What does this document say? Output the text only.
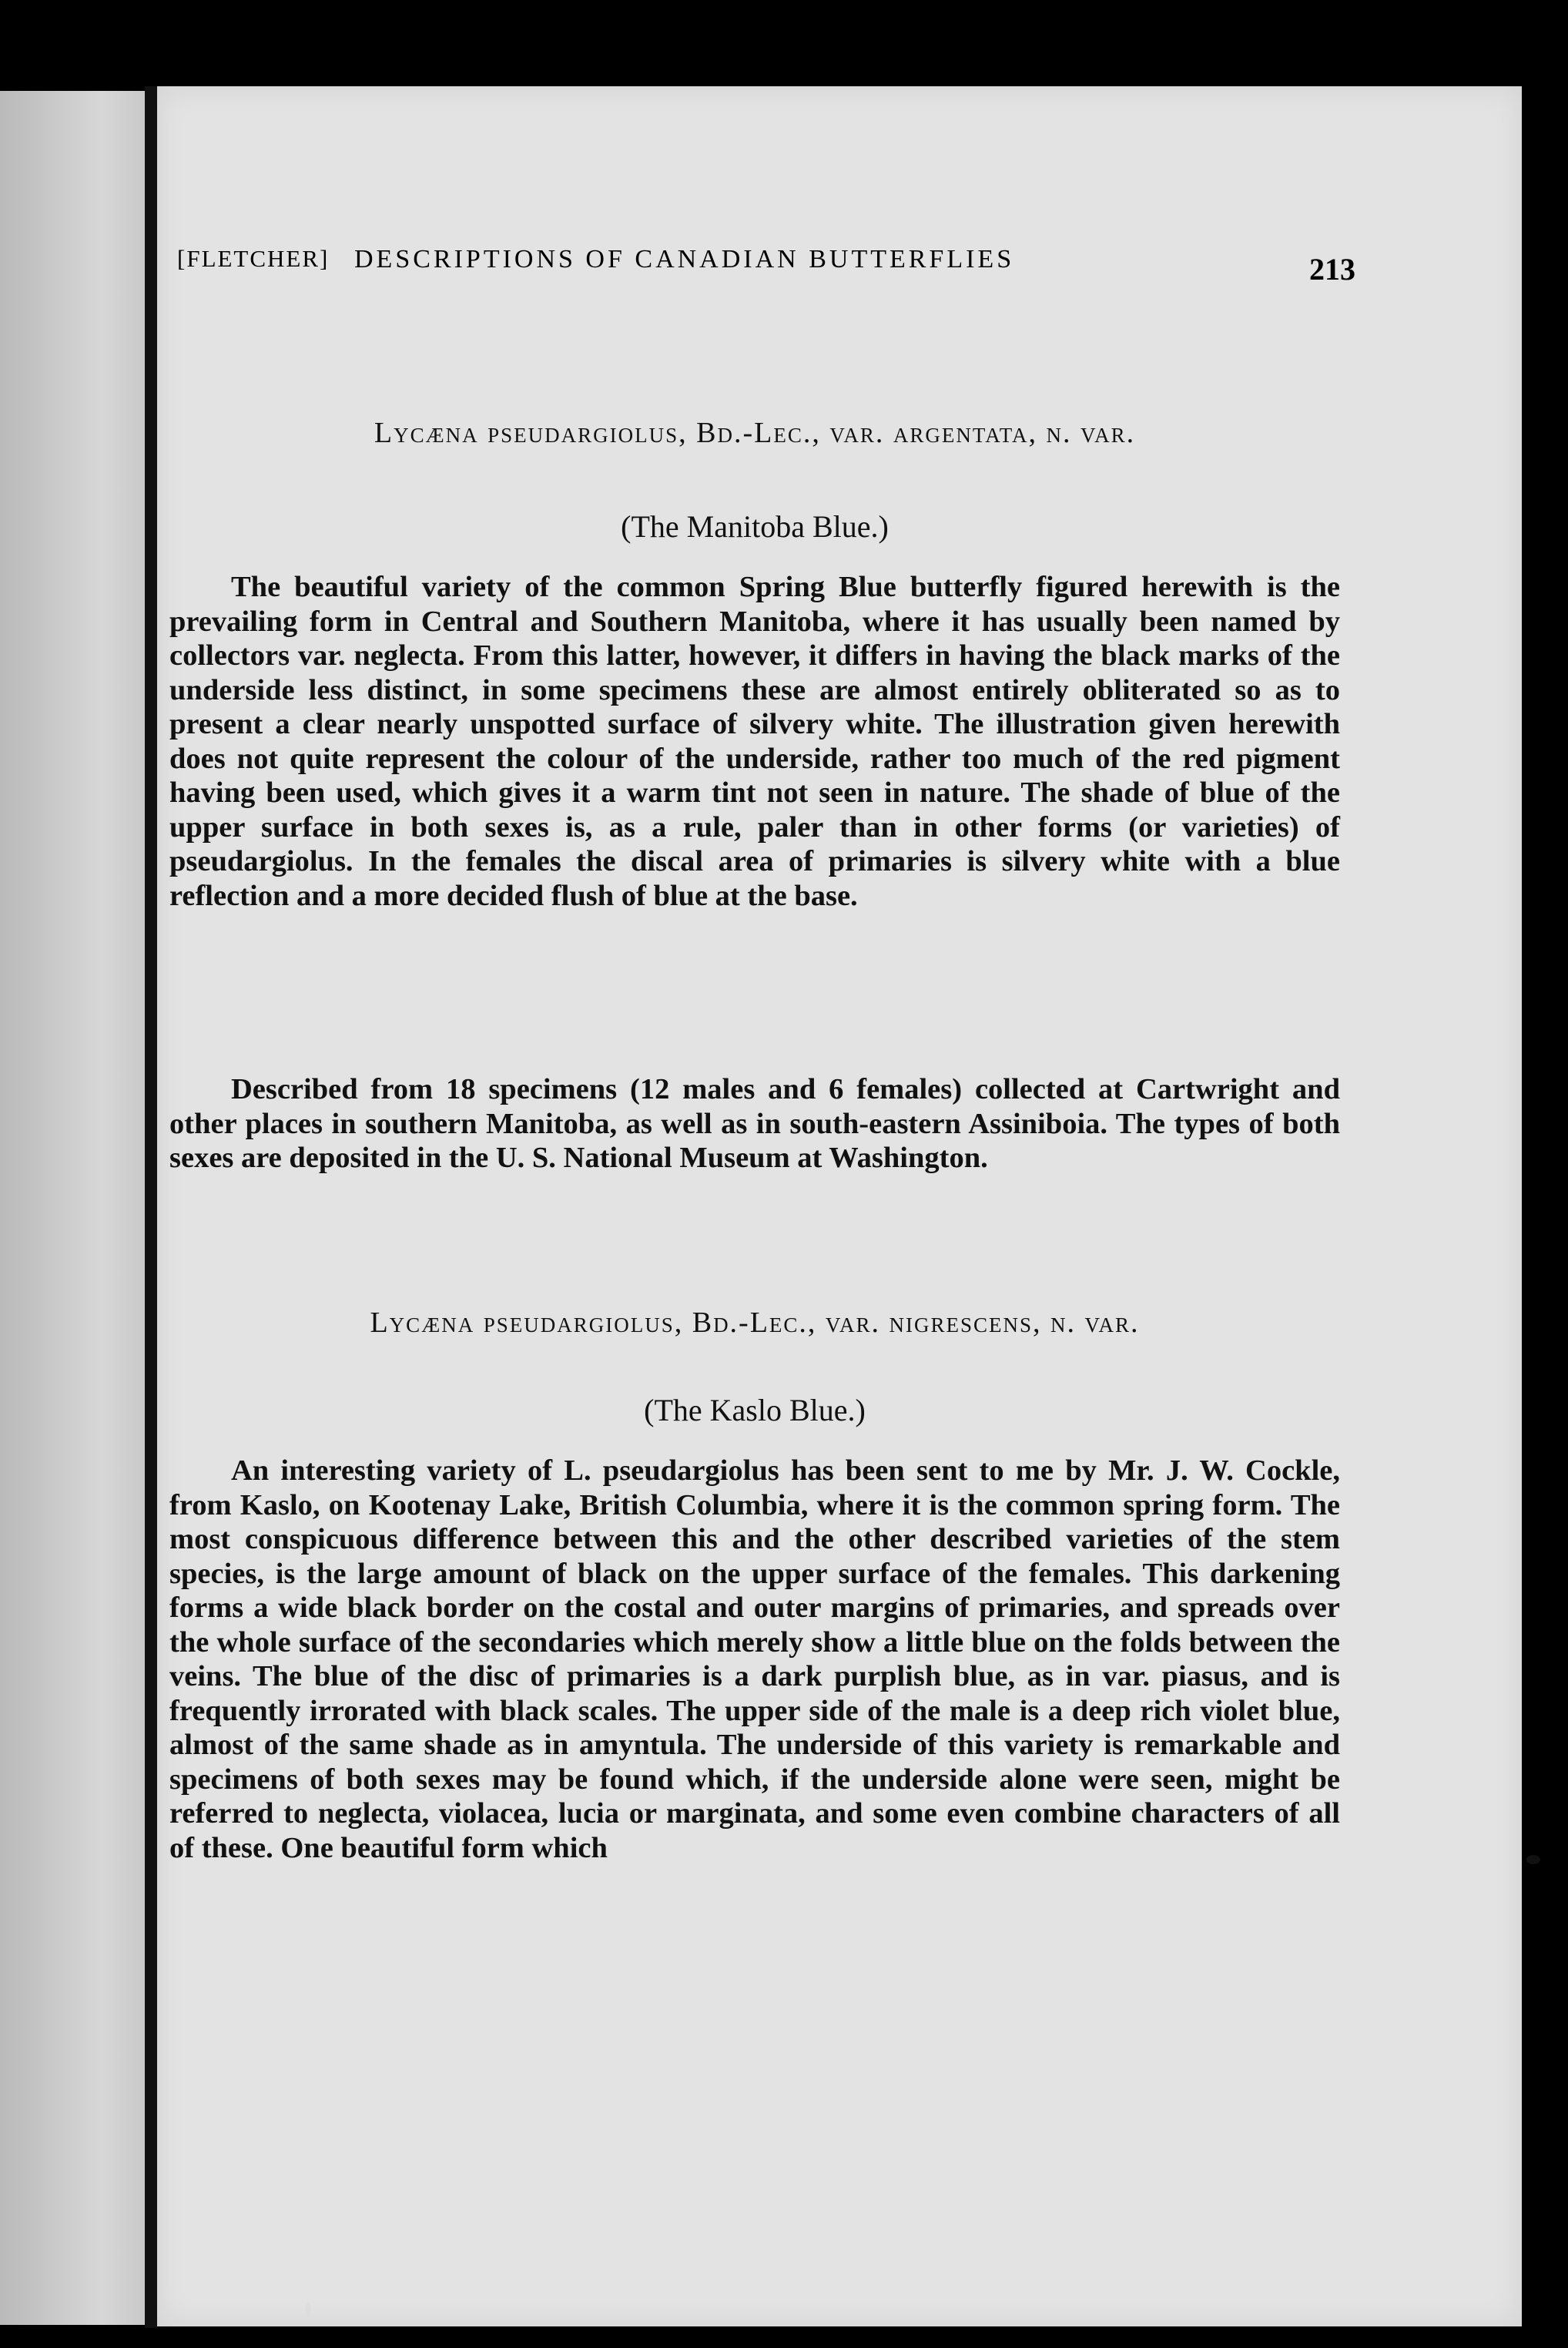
[FLETCHER] DESCRIPTIONS OF CANADIAN BUTTERFLIES	213
Lycæna pseudargiolus, Bd.-Lec., var. argentata, n. var.
(The Manitoba Blue.)

The beautiful variety of the common Spring Blue butterfly figured herewith is the prevailing form in Central and Southern Manitoba, where it has usually been named by collectors var. neglecta. From this latter, however, it differs in having the black marks of the underside less distinct, in some specimens these are almost entirely obliterated so as to present a clear nearly unspotted surface of silvery white. The illustration given herewith does not quite represent the colour of the underside, rather too much of the red pigment having been used, which gives it a warm tint not seen in nature. The shade of blue of the upper surface in both sexes is, as a rule, paler than in other forms (or varieties) of pseudargiolus. In the females the discal area of primaries is silvery white with a blue reflection and a more decided flush of blue at the base.

Described from 18 specimens (12 males and 6 females) collected at Cartwright and other places in southern Manitoba, as well as in south-eastern Assiniboia. The types of both sexes are deposited in the U. S. National Museum at Washington.

Lycæna pseudargiolus, Bd.-Lec., var. nigrescens, n. var.
(The Kaslo Blue.)

An interesting variety of L. pseudargiolus has been sent to me by Mr. J. W. Cockle, from Kaslo, on Kootenay Lake, British Columbia, where it is the common spring form. The most conspicuous difference between this and the other described varieties of the stem species, is the large amount of black on the upper surface of the females. This darkening forms a wide black border on the costal and outer margins of primaries, and spreads over the whole surface of the secondaries which merely show a little blue on the folds between the veins. The blue of the disc of primaries is a dark purplish blue, as in var. piasus, and is frequently irrorated with black scales. The upper side of the male is a deep rich violet blue, almost of the same shade as in amyntula. The underside of this variety is remarkable and specimens of both sexes may be found which, if the underside alone were seen, might be referred to neglecta, violacea, lucia or marginata, and some even combine characters of all of these. One beautiful form which
